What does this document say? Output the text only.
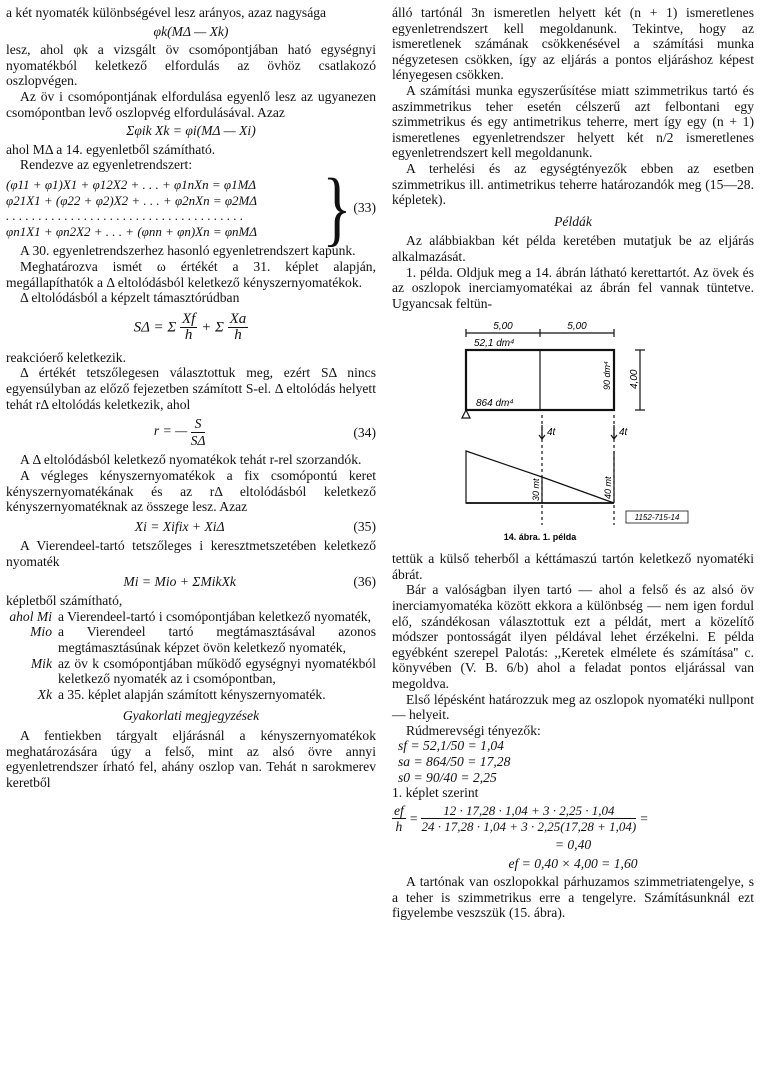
a két nyomaték különbségével lesz arányos, azaz nagysága

φk(MΔ — Xk)

lesz, ahol φk a vizsgált öv csomópontjában ható egységnyi nyomatékból keletkező elfordulás az övhöz csatlakozó oszlopvégen.

Az öv i csomópontjának elfordulása egyenlő lesz az ugyanezen csomópontban levő oszlopvég elfordulásával. Azaz

Σφik Xk = φi(MΔ — Xi)

ahol MΔ a 14. egyenletből számítható.

Rendezve az egyenletrendszert:

(φ11 + φ1)X1 + φ12X2 + . . . + φ1nXn = φ1MΔ
φ21X1 + (φ22 + φ2)X2 + . . . + φ2nXn = φ2MΔ
. . . . . . . . . . . . . . . . . . . . . . . . . . . . . . . . . . . . .
φn1X1 + φn2X2 + . . . + (φnn + φn)Xn = φnMΔ	} (33)

A 30. egyenletrendszerhez hasonló egyenletrendszert kapunk.

Meghatározva ismét ω értékét a 31. képlet alapján, megállapíthatók a Δ eltolódásból keletkező kényszernyomatékok.

Δ eltolódásból a képzelt támasztórúdban

SΔ = Σ $\frac{Xf}{h} + \Sigma \frac{Xa}{h}$

reakcióerő keletkezik.

Δ értékét tetszőlegesen választottuk meg, ezért SΔ nincs egyensúlyban az előző fejezetben számított S-el. Δ eltolódás helyett tehát rΔ eltolódás keletkezik, ahol

r = — $\frac{S}{S\Delta}$	(34)

A Δ eltolódásból keletkező nyomatékok tehát r-rel szorzandók.

A végleges kényszernyomatékok a fix csomópontú keret kényszernyomatékának és az rΔ eltolódásból keletkező kényszernyomatéknak az összege lesz. Azaz

Xi = Xifix + XiΔ	(35)

A Vierendeel-tartó tetszőleges i keresztmetszetében keletkező nyomaték

Mi = Mio + ΣMikXk	(36)

képletből számítható,

ahol Mi a Vierendeel-tartó i csomópontjában keletkező nyomaték,
Mio a Vierendeel tartó megtámasztásával azonos megtámasztásúnak képzet övön keletkező nyomaték,
Mik az öv k csomópontjában működő egységnyi nyomatékból keletkező nyomaték az i csomópontban,
Xk a 35. képlet alapján számított kényszernyomaték.

Gyakorlati megjegyzések

A fentiekben tárgyalt eljárásnál a kényszernyomatékok meghatározására úgy a felső, mint az alsó övre annyi egyenletrendszer írható fel, ahány oszlop van. Tehát n sarokmerev keretből

álló tartónál 3n ismeretlen helyett két (n + 1) ismeretlenes egyenletrendszert kell megoldanunk. Tekintve, hogy az ismeretlenek számának csökkenésével a számítási munka négyzetesen csökken, így az eljárás a pontos eljáráshoz képest lényegesen csökken.

A számítási munka egyszerűsítése miatt szimmetrikus tartó és aszimmetrikus teher esetén célszerű azt felbontani egy szimmetrikus és egy antimetrikus teherre, mert így egy (n + 1) ismeretlenes egyenletrendszer helyett két n/2 ismeretlenes egyenletrendszert kell megoldanunk.

A terhelési és az egységtényezők ebben az esetben szimmetrikus ill. antimetrikus teherre határozandók meg (15—28. képletek).

Példák

Az alábbiakban két példa keretében mutatjuk be az eljárás alkalmazását.

1. példa. Oldjuk meg a 14. ábrán látható kerettartót. Az övek és az oszlopok inerciamyomatékai az ábrán fel vannak tüntetve. Ugyancsak feltün-

5,00	5,00
52,1 dm⁴
864 dm⁴
90 dm⁴ 4,00
4t	4t
30 mt	40 mt
1152-715-14
14. ábra. 1. példa

tettük a külső teherből a kéttámaszú tartón keletkező nyomatéki ábrát.

Bár a valóságban ilyen tartó — ahol a felső és az alsó öv inerciamyomatéka között ekkora a különbség — nem igen fordul elő, szándékosan választottuk ezt a példát, mert a közelítő módszer pontosságát ilyen példával lehet érzékelni. E példa egyébként szerepel Palotás: ,,Keretek elmélete és számítása'' c. könyvében (V. B. 6/b) ahol a feladat pontos eljárással van megoldva.

Első lépésként határozzuk meg az oszlopok nyomatéki nullpont — helyeit.

Rúdmerevségi tényezők:

sf = 52,1/50 = 1,04
sa = 864/50 = 17,28
s0 = 90/40 = 2,25

1. képlet szerint

$\frac{ef}{h} = \frac{12 \cdot 17,28 \cdot 1,04 + 3 \cdot 2,25 \cdot 1,04}{24 \cdot 17,28 \cdot 1,04 + 3 \cdot 2,25(17,28 + 1,04)}$ =
= 0,40
ef = 0,40 × 4,00 = 1,60

A tartónak van oszlopokkal párhuzamos szimmetriatengelye, s a teher is szimmetrikus erre a tengelyre. Számításunknál ezt figyelembe veszszük (15. ábra).
